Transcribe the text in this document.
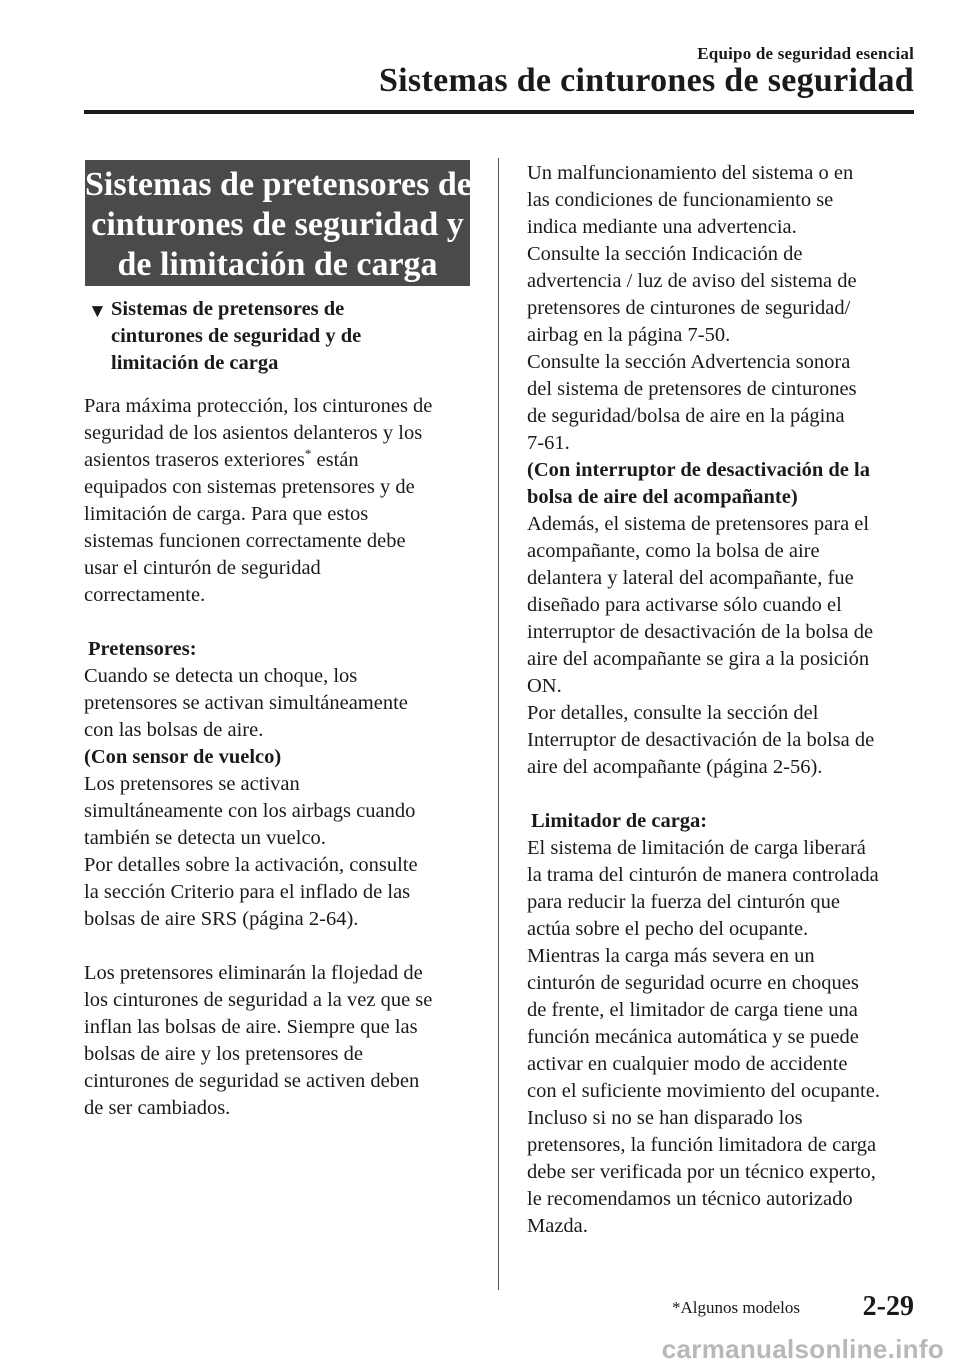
Equipo de seguridad esencial
Sistemas de cinturones de seguridad
Sistemas de pretensores de
cinturones de seguridad y
de limitación de carga
▼ Sistemas de pretensores de
cinturones de seguridad y de
limitación de carga

Para máxima protección, los cinturones de

seguridad de los asientos delanteros y los

asientos traseros exteriores* están

equipados con sistemas pretensores y de

limitación de carga. Para que estos

sistemas funcionen correctamente debe

usar el cinturón de seguridad

correctamente.

Pretensores:

Cuando se detecta un choque, los

pretensores se activan simultáneamente

con las bolsas de aire.

(Con sensor de vuelco)

Los pretensores se activan

simultáneamente con los airbags cuando

también se detecta un vuelco.

Por detalles sobre la activación, consulte

la sección Criterio para el inflado de las

bolsas de aire SRS (página 2-64).

Los pretensores eliminarán la flojedad de

los cinturones de seguridad a la vez que se

inflan las bolsas de aire. Siempre que las

bolsas de aire y los pretensores de

cinturones de seguridad se activen deben

de ser cambiados.

Un malfuncionamiento del sistema o en

las condiciones de funcionamiento se

indica mediante una advertencia.

Consulte la sección Indicación de

advertencia / luz de aviso del sistema de

pretensores de cinturones de seguridad/

airbag en la página 7-50.

Consulte la sección Advertencia sonora

del sistema de pretensores de cinturones

de seguridad/bolsa de aire en la página

7-61.

(Con interruptor de desactivación de la

bolsa de aire del acompañante)

Además, el sistema de pretensores para el

acompañante, como la bolsa de aire

delantera y lateral del acompañante, fue

diseñado para activarse sólo cuando el

interruptor de desactivación de la bolsa de

aire del acompañante se gira a la posición

ON.

Por detalles, consulte la sección del

Interruptor de desactivación de la bolsa de

aire del acompañante (página 2-56).

Limitador de carga:

El sistema de limitación de carga liberará

la trama del cinturón de manera controlada

para reducir la fuerza del cinturón que

actúa sobre el pecho del ocupante.

Mientras la carga más severa en un

cinturón de seguridad ocurre en choques

de frente, el limitador de carga tiene una

función mecánica automática y se puede

activar en cualquier modo de accidente

con el suficiente movimiento del ocupante.

Incluso si no se han disparado los

pretensores, la función limitadora de carga

debe ser verificada por un técnico experto,

le recomendamos un técnico autorizado

Mazda.

*Algunos modelos 2-29
carmanualsonline.info
